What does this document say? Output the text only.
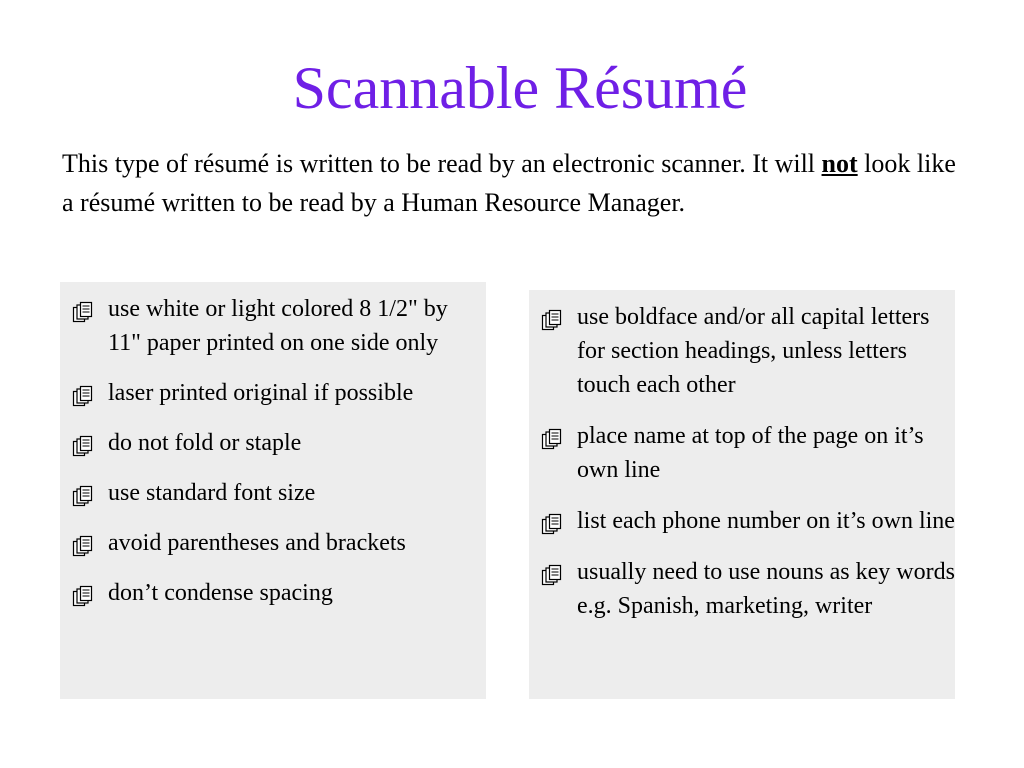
Scannable Résumé
This type of résumé is written to be read by an electronic scanner. It will not look like a résumé written to be read by a Human Resource Manager.
use white or light colored 8 1/2" by 11" paper printed on one side only
laser printed original if possible
do not fold or staple
use standard font size
avoid parentheses and brackets
don’t condense spacing
use boldface and/or all capital letters for section headings, unless letters touch each other
place name at top of the page on it’s own line
list each phone number on it’s own line
usually need to use nouns as key words e.g. Spanish, marketing, writer
